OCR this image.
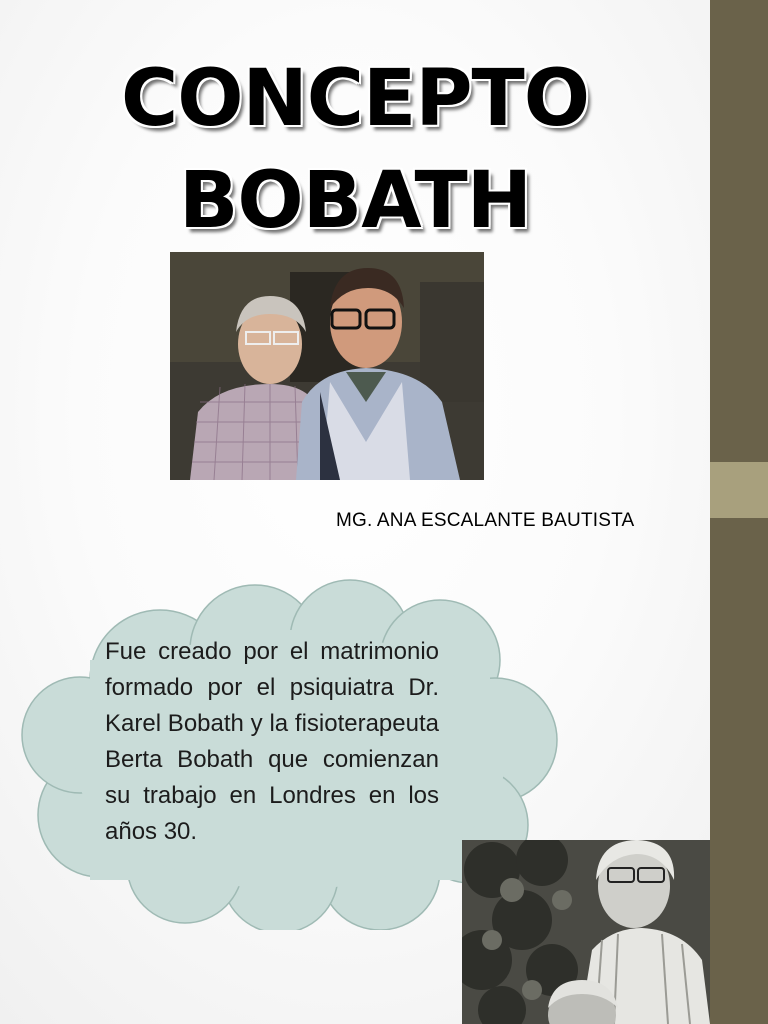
CONCEPTO
BOBATH
MG. ANA ESCALANTE BAUTISTA
Fue creado por el matrimonio formado por el psiquiatra Dr. Karel Bobath y la fisioterapeuta Berta Bobath que comienzan su trabajo en Londres en los años 30.
